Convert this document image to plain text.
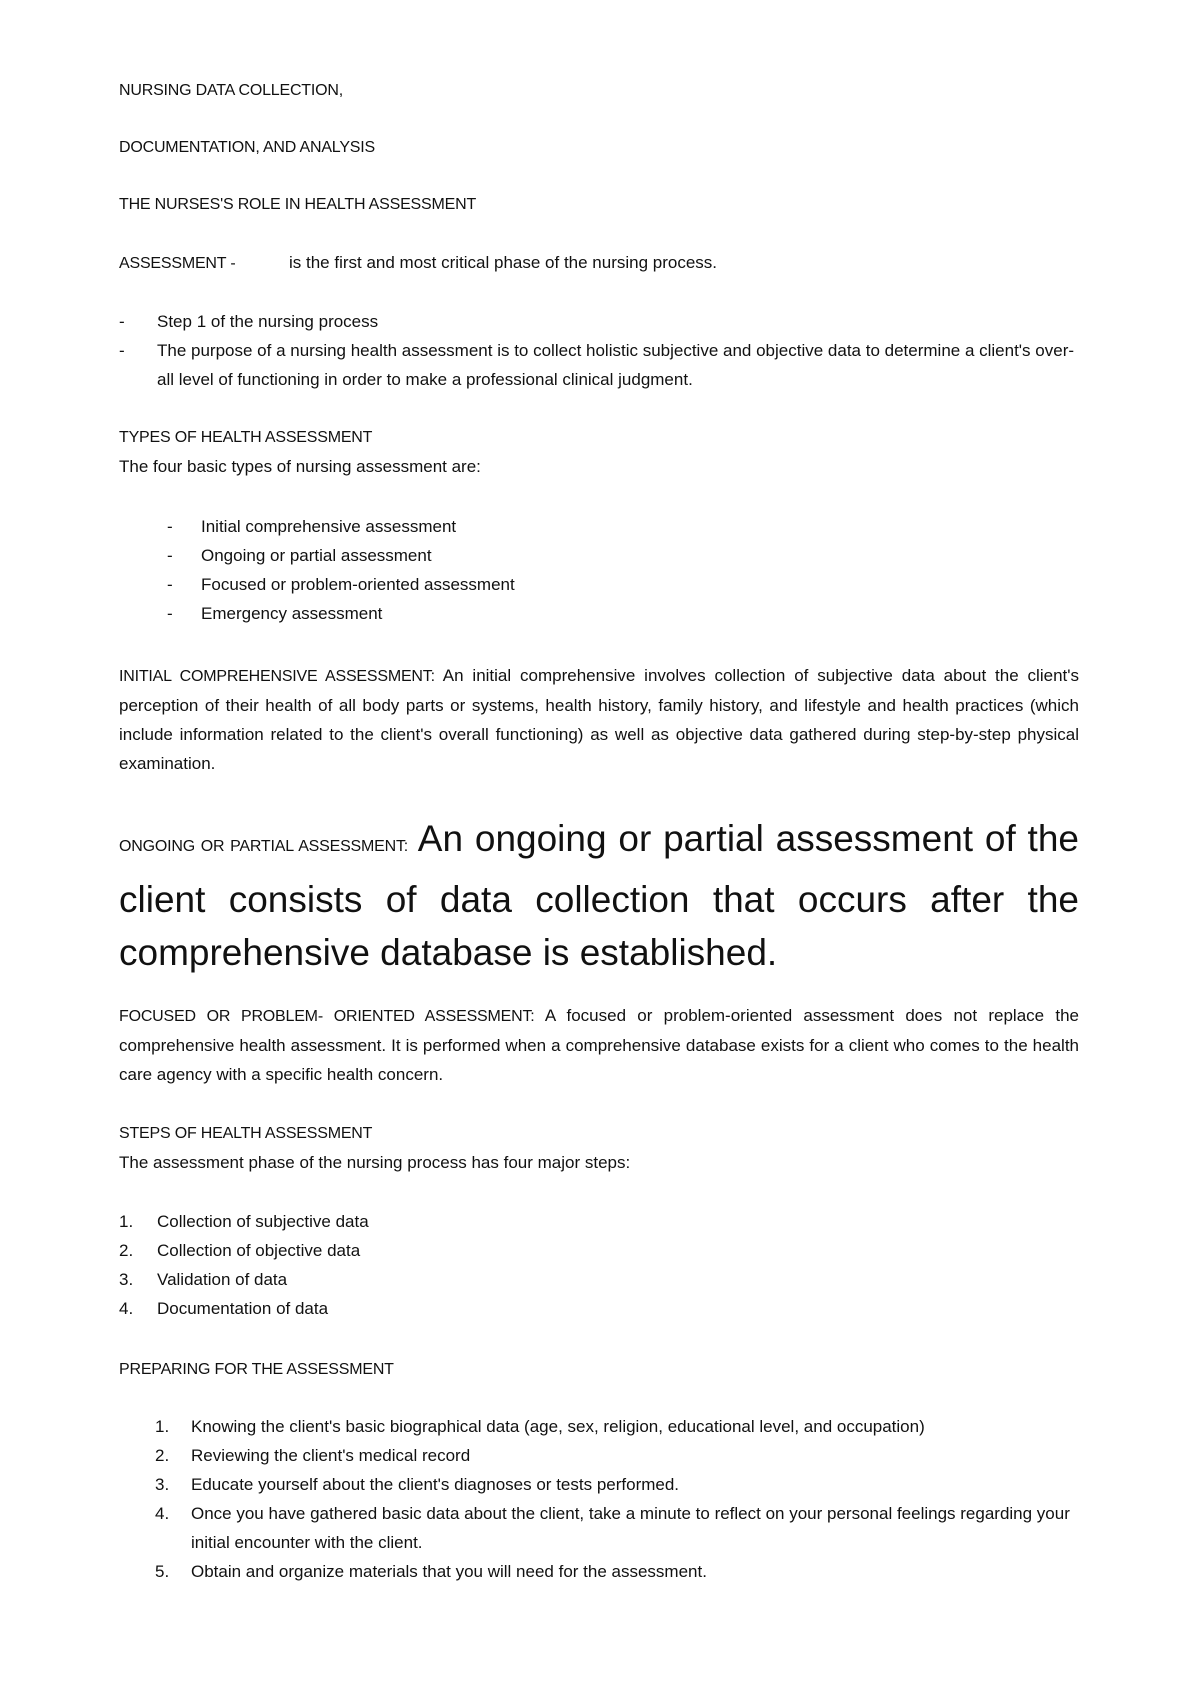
NURSING DATA COLLECTION,

DOCUMENTATION, AND ANALYSIS

THE NURSES'S ROLE IN HEALTH ASSESSMENT

ASSESSMENT -	is the first and most critical phase of the nursing process.

- Step 1 of the nursing process
- The purpose of a nursing health assessment is to collect holistic subjective and objective data to determine a client's over-all level of functioning in order to make a professional clinical judgment.

TYPES OF HEALTH ASSESSMENT

The four basic types of nursing assessment are:

- Initial comprehensive assessment
- Ongoing or partial assessment
- Focused or problem-oriented assessment
- Emergency assessment

INITIAL COMPREHENSIVE ASSESSMENT: An initial comprehensive involves collection of subjective data about the client's perception of their health of all body parts or systems, health history, family history, and lifestyle and health practices (which include information related to the client's overall functioning) as well as objective data gathered during step-by-step physical examination.

ONGOING OR PARTIAL ASSESSMENT: An ongoing or partial assessment of the client consists of data collection that occurs after the comprehensive database is established.

FOCUSED OR PROBLEM- ORIENTED ASSESSMENT: A focused or problem-oriented assessment does not replace the comprehensive health assessment. It is performed when a comprehensive database exists for a client who comes to the health care agency with a specific health concern.

STEPS OF HEALTH ASSESSMENT

The assessment phase of the nursing process has four major steps:

1. Collection of subjective data
2. Collection of objective data
3. Validation of data
4. Documentation of data

PREPARING FOR THE ASSESSMENT

1. Knowing the client's basic biographical data (age, sex, religion, educational level, and occupation)
2. Reviewing the client's medical record
3. Educate yourself about the client's diagnoses or tests performed.
4. Once you have gathered basic data about the client, take a minute to reflect on your personal feelings regarding your initial encounter with the client.
5. Obtain and organize materials that you will need for the assessment.
